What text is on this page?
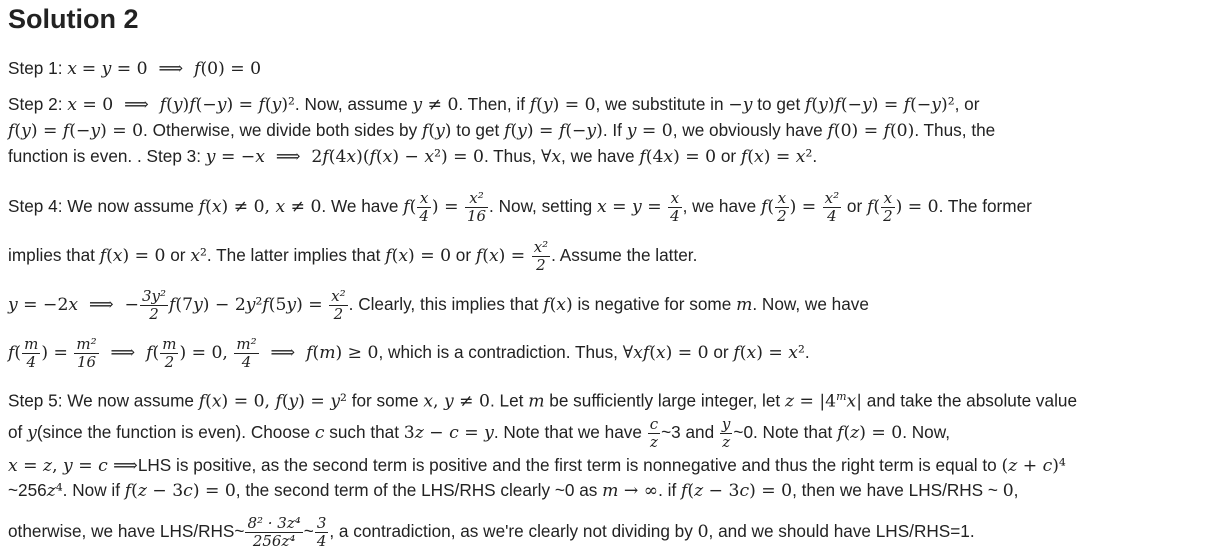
Solution 2
Step 1: x = y = 0  ⟹  f(0) = 0
Step 2: x = 0  ⟹  f(y)f(−y) = f(y)². Now, assume y ≠ 0. Then, if f(y) = 0, we substitute in −y to get f(y)f(−y) = f(−y)², or
f(y) = f(−y) = 0. Otherwise, we divide both sides by f(y) to get f(y) = f(−y). If y = 0, we obviously have f(0) = f(0). Thus, the
function is even. . Step 3: y = −x  ⟹  2f(4x)(f(x) − x²) = 0. Thus, ∀x, we have f(4x) = 0 or f(x) = x².
Step 4: We now assume f(x) ≠ 0, x ≠ 0. We have $f( \frac{x}{4}$ ) = $\frac{\text{x²}}{16}$ . Now, setting $x = y = \frac{x}{4}$ , we have $f( \frac{x}{2}$ ) = $\frac{\text{x²}}{4}$ or $f( \frac{x}{2}$ ) = 0. The former
implies that f(x) = 0 or x². The latter implies that f(x) = 0 or $f(x) = \frac{\text{x²}}{2}$ . Assume the latter.
y = −2x  ⟹  − $\frac{\text{3y²}}{2} f(7y) - 2y^2f(5y) = \frac{\text{x²}}{2}$ . Clearly, this implies that f(x) is negative for some m. Now, we have
$f( \frac{m}{4}$ ) = $\frac{\text{m²}}{16}$ ⟹  $f( \frac{m}{2}$ ) = 0, $\frac{\text{m²}}{4}$ ⟹  f(m) ≥ 0, which is a contradiction. Thus, ∀xf(x) = 0 or f(x) = x².
Step 5: We now assume f(x) = 0, f(y) = y² for some x, y ≠ 0. Let m be sufficiently large integer, let $z = |4^mx|$ and take the absolute value
of y(since the function is even). Choose c such that 3z − c = y. Note that we have $\frac{c}{z}$ ~3 and $\frac{y}{z}$ ~0. Note that f(z) = 0. Now,
x = z, y = c ⟹LHS is positive, as the second term is positive and the first term is nonnegative and thus the right term is equal to (z + c)⁴
~256z⁴. Now if f(z − 3c) = 0, the second term of the LHS/RHS clearly ~0 as m → ∞. if f(z − 3c) = 0, then we have LHS/RHS ~ 0,
otherwise, we have LHS/RHS~ $\frac{\text{8² · 3z⁴}}{\text{256z⁴}}$ ~ $\frac{3}{4}$ , a contradiction, as we're clearly not dividing by 0, and we should have LHS/RHS=1.
